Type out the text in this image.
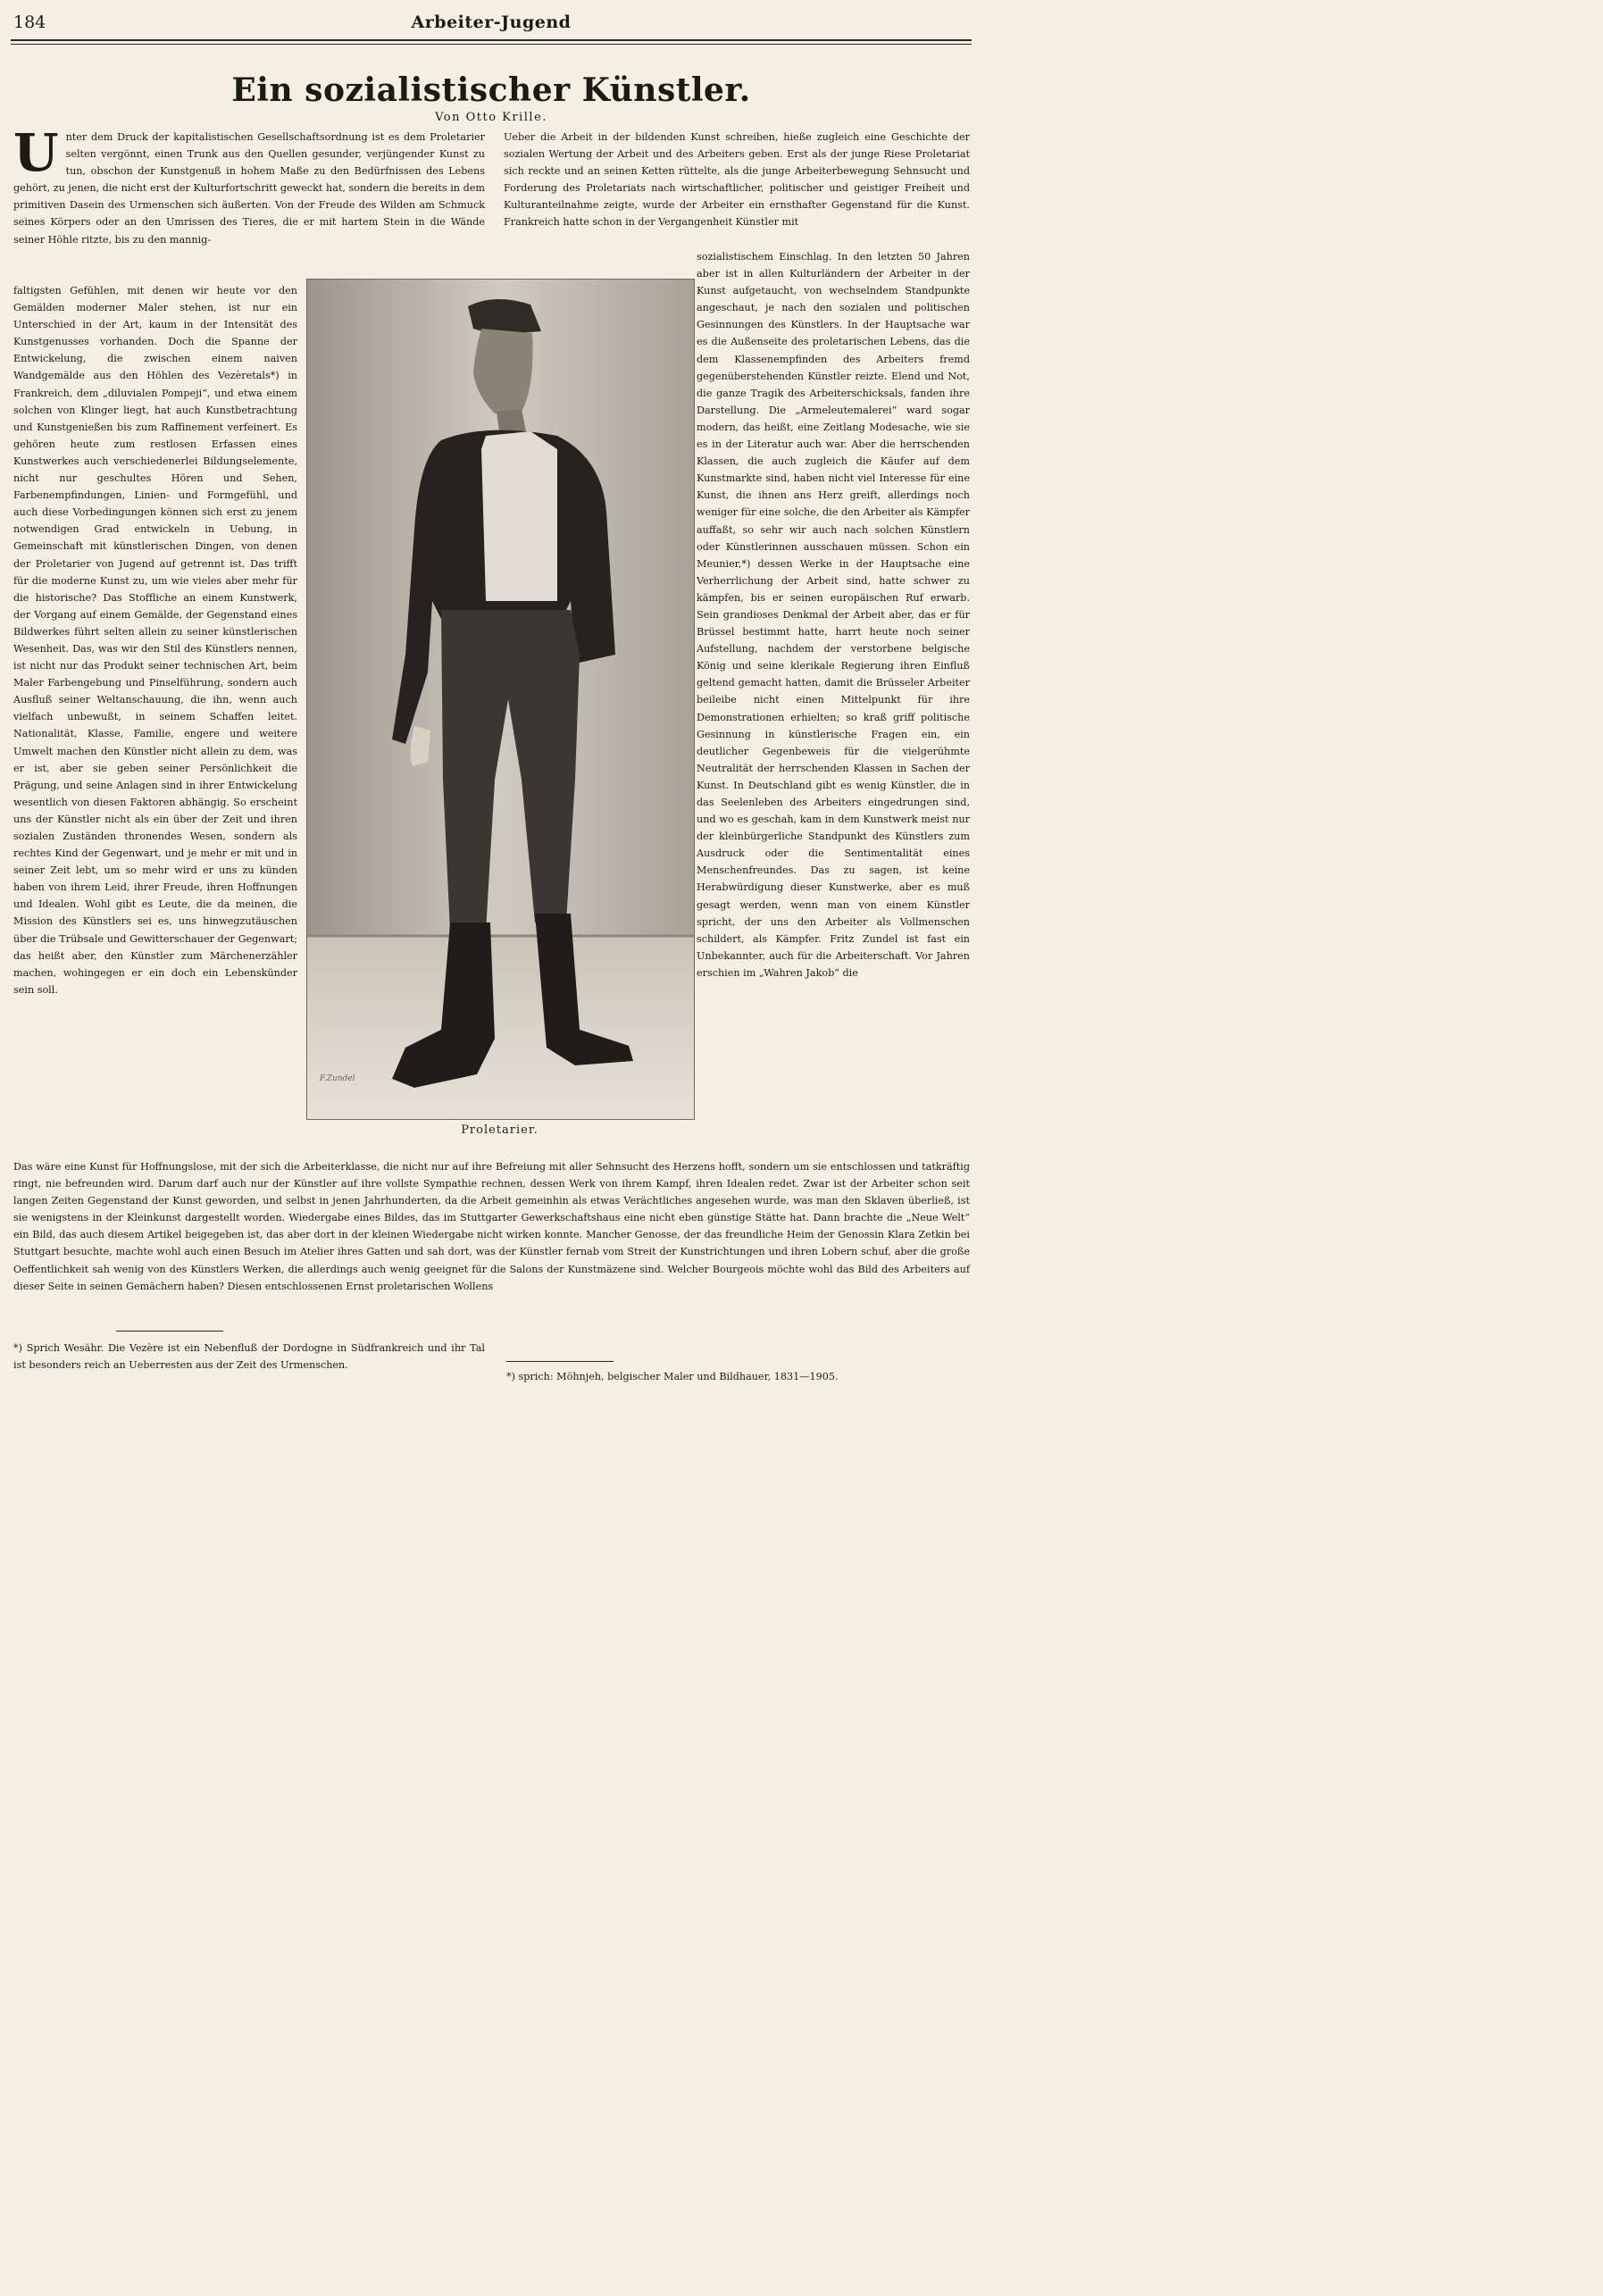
184	Arbeiter-Jugend
Ein sozialistischer Künstler.
Von Otto Krille.
U nter dem Druck der kapitalistischen Gesellschaftsordnung ist es dem Proletarier selten vergönnt, einen Trunk aus den Quellen gesunder, verjüngender Kunst zu tun, obschon der Kunstgenuß in hohem Maße zu den Bedürfnissen des Lebens gehört, zu jenen, die nicht erst der Kulturfortschritt geweckt hat, sondern die bereits in dem primitiven Dasein des Urmenschen sich äußerten. Von der Freude des Wilden am Schmuck seines Körpers oder an den Umrissen des Tieres, die er mit hartem Stein in die Wände seiner Höhle ritzte, bis zu den mannig-

faltigsten Gefühlen, mit denen wir heute vor den Gemälden moderner Maler stehen, ist nur ein Unterschied in der Art, kaum in der Intensität des Kunstgenusses vorhanden. Doch die Spanne der Entwickelung, die zwischen einem naiven Wandgemälde aus den Höhlen des Vezèretals*) in Frankreich, dem „diluvialen Pompeji“, und etwa einem solchen von Klinger liegt, hat auch Kunstbetrachtung und Kunstgenießen bis zum Raffinement verfeinert. Es gehören heute zum restlosen Erfassen eines Kunstwerkes auch verschiedenerlei Bildungselemente, nicht nur geschultes Hören und Sehen, Farbenempfindungen, Linien- und Formgefühl, und auch diese Vorbedingungen können sich erst zu jenem notwendigen Grad entwickeln in Uebung, in Gemeinschaft mit künstlerischen Dingen, von denen der Proletarier von Jugend auf getrennt ist. Das trifft für die moderne Kunst zu, um wie vieles aber mehr für die historische? Das Stoffliche an einem Kunstwerk, der Vorgang auf einem Gemälde, der Gegenstand eines Bildwerkes führt selten allein zu seiner künstlerischen Wesenheit. Das, was wir den Stil des Künstlers nennen, ist nicht nur das Produkt seiner technischen Art, beim Maler Farbengebung und Pinselführung, sondern auch Ausfluß seiner Weltanschauung, die ihn, wenn auch vielfach unbewußt, in seinem Schaffen leitet. Nationalität, Klasse, Familie, engere und weitere Umwelt machen den Künstler nicht allein zu dem, was er ist, aber sie geben seiner Persönlichkeit die Prägung, und seine Anlagen sind in ihrer Entwickelung wesentlich von diesen Faktoren abhängig. So erscheint uns der Künstler nicht als ein über der Zeit und ihren sozialen Zuständen thronendes Wesen, sondern als rechtes Kind der Gegenwart, und je mehr er mit und in seiner Zeit lebt, um so mehr wird er uns zu künden haben von ihrem Leid, ihrer Freude, ihren Hoffnungen und Idealen. Wohl gibt es Leute, die da meinen, die Mission des Künstlers sei es, uns hinwegzutäuschen über die Trübsale und Gewitterschauer der Gegenwart; das heißt aber, den Künstler zum Märchenerzähler machen, wohingegen er ein doch ein Lebenskünder sein soll.

Ueber die Arbeit in der bildenden Kunst schreiben, hieße zugleich eine Geschichte der sozialen Wertung der Arbeit und des Arbeiters geben. Erst als der junge Riese Proletariat sich reckte und an seinen Ketten rüttelte, als die junge Arbeiterbewegung Sehnsucht und Forderung des Proletariats nach wirtschaftlicher, politischer und geistiger Freiheit und Kulturanteilnahme zeigte, wurde der Arbeiter ein ernsthafter Gegenstand für die Kunst. Frankreich hatte schon in der Vergangenheit Künstler mit

sozialistischem Einschlag. In den letzten 50 Jahren aber ist in allen Kulturländern der Arbeiter in der Kunst aufgetaucht, von wechselndem Standpunkte angeschaut, je nach den sozialen und politischen Gesinnungen des Künstlers. In der Hauptsache war es die Außenseite des proletarischen Lebens, das die dem Klassenempfinden des Arbeiters fremd gegenüberstehenden Künstler reizte. Elend und Not, die ganze Tragik des Arbeiterschicksals, fanden ihre Darstellung. Die „Armeleutemalerei“ ward sogar modern, das heißt, eine Zeitlang Modesache, wie sie es in der Literatur auch war. Aber die herrschenden Klassen, die auch zugleich die Käufer auf dem Kunstmarkte sind, haben nicht viel Interesse für eine Kunst, die ihnen ans Herz greift, allerdings noch weniger für eine solche, die den Arbeiter als Kämpfer auffaßt, so sehr wir auch nach solchen Künstlern oder Künstlerinnen ausschauen müssen. Schon ein Meunier,*) dessen Werke in der Hauptsache eine Verherrlichung der Arbeit sind, hatte schwer zu kämpfen, bis er seinen europäischen Ruf erwarb. Sein grandioses Denkmal der Arbeit aber, das er für Brüssel bestimmt hatte, harrt heute noch seiner Aufstellung, nachdem der verstorbene belgische König und seine klerikale Regierung ihren Einfluß geltend gemacht hatten, damit die Brüsseler Arbeiter beileibe nicht einen Mittelpunkt für ihre Demonstrationen erhielten; so kraß griff politische Gesinnung in künstlerische Fragen ein, ein deutlicher Gegenbeweis für die vielgerühmte Neutralität der herrschenden Klassen in Sachen der Kunst. In Deutschland gibt es wenig Künstler, die in das Seelenleben des Arbeiters eingedrungen sind, und wo es geschah, kam in dem Kunstwerk meist nur der kleinbürgerliche Standpunkt des Künstlers zum Ausdruck oder die Sentimentalität eines Menschenfreundes. Das zu sagen, ist keine Herabwürdigung dieser Kunstwerke, aber es muß gesagt werden, wenn man von einem Künstler spricht, der uns den Arbeiter als Vollmenschen schildert, als Kämpfer. Fritz Zundel ist fast ein Unbekannter, auch für die Arbeiterschaft. Vor Jahren erschien im „Wahren Jakob“ die

F.Zundel
Proletarier.

Das wäre eine Kunst für Hoffnungslose, mit der sich die Arbeiterklasse, die nicht nur auf ihre Befreiung mit aller Sehnsucht des Herzens hofft, sondern um sie entschlossen und tatkräftig ringt, nie befreunden wird. Darum darf auch nur der Künstler auf ihre vollste Sympathie rechnen, dessen Werk von ihrem Kampf, ihren Idealen redet. Zwar ist der Arbeiter schon seit langen Zeiten Gegenstand der Kunst geworden, und selbst in jenen Jahrhunderten, da die Arbeit gemeinhin als etwas Verächtliches angesehen wurde, was man den Sklaven überließ, ist sie wenigstens in der Kleinkunst dargestellt worden. Wiedergabe eines Bildes, das im Stuttgarter Gewerkschaftshaus eine nicht eben günstige Stätte hat. Dann brachte die „Neue Welt“ ein Bild, das auch diesem Artikel beigegeben ist, das aber dort in der kleinen Wiedergabe nicht wirken konnte. Mancher Genosse, der das freundliche Heim der Genossin Klara Zetkin bei Stuttgart besuchte, machte wohl auch einen Besuch im Atelier ihres Gatten und sah dort, was der Künstler fernab vom Streit der Kunstrichtungen und ihren Lobern schuf, aber die große Oeffentlichkeit sah wenig von des Künstlers Werken, die allerdings auch wenig geeignet für die Salons der Kunstmäzene sind. Welcher Bourgeois möchte wohl das Bild des Arbeiters auf dieser Seite in seinen Gemächern haben? Diesen entschlossenen Ernst proletarischen Wollens

*) Sprich Wesähr. Die Vezère ist ein Nebenfluß der Dordogne in Südfrankreich und ihr Tal ist besonders reich an Ueberresten aus der Zeit des Urmenschen.
*) sprich: Möhnjeh, belgischer Maler und Bildhauer, 1831—1905.
